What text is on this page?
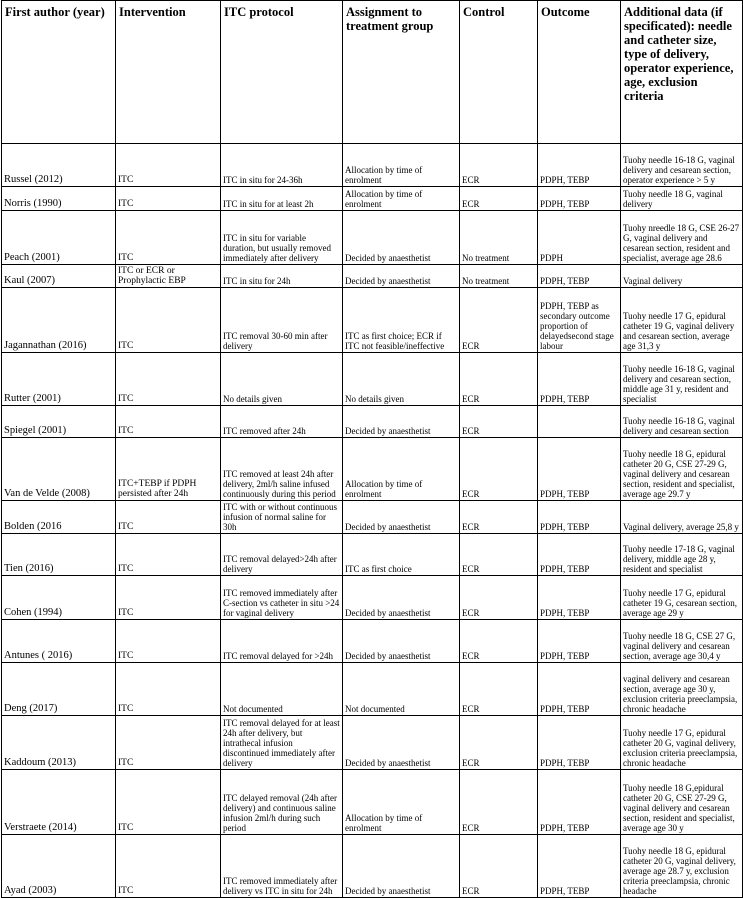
First author (year)	Intervention	ITC protocol	Assignment to treatment group	Control	Outcome	Additional data (if specificated): needle and catheter size, type of delivery, operator experience, age, exclusion criteria
Russel (2012)	ITC	ITC in situ for 24-36h	Allocation by time of enrolment	ECR	PDPH, TEBP	Tuohy needle 16-18 G, vaginal delivery and cesarean section, operator experience > 5 y
Norris (1990)	ITC	ITC in situ for at least 2h	Allocation by time of enrolment	ECR	PDPH, TEBP	Tuohy needle 18 G, vaginal delivery
Peach (2001)	ITC	ITC in situ for variable duration, but usually removed immediately after delivery	Decided by anaesthetist	No treatment	PDPH	Tuohy nreedle 18 G, CSE 26-27 G, vaginal delivery and cesarean section, resident and specialist, average age 28.6
Kaul (2007)	ITC or ECR or Prophylactic EBP	ITC in situ for 24h	Decided by anaesthetist	No treatment	PDPH, TEBP	Vaginal delivery
Jagannathan (2016)	ITC	ITC removal 30-60 min after delivery	ITC as first choice; ECR if ITC not feasible/ineffective	ECR	PDPH, TEBP as secondary outcome proportion of delayedsecond stage labour	Tuohy needle 17 G, epidural catheter 19 G, vaginal delivery and cesarean section, average age 31,3 y
Rutter (2001)	ITC	No details given	No details given	ECR	PDPH, TEBP	Tuohy needle 16-18 G, vaginal delivery and cesarean section, middle age 31 y, resident and specialist
Spiegel (2001)	ITC	ITC removed after 24h	Decided by anaesthetist	ECR		Tuohy needle 16-18 G, vaginal delivery and cesarean section
Van de Velde (2008)	ITC+TEBP if PDPH persisted after 24h	ITC removed at least 24h after delivery, 2ml/h saline infused continuously during this period	Allocation by time of enrolment	ECR	PDPH, TEBP	Tuohy needle 18 G, epidural catheter 20 G, CSE 27-29 G, vaginal delivery and cesarean section, resident and specialist, average age 29.7 y
Bolden (2016	ITC	ITC with or without continuous infusion of normal saline for 30h	Decided by anaesthetist	ECR	PDPH, TEBP	Vaginal delivery, average 25,8 y
Tien (2016)	ITC	ITC removal delayed>24h after delivery	ITC as first choice	ECR	PDPH, TEBP	Tuohy needle 17-18 G, vaginal delivery, middle age 28 y, resident and specialist
Cohen (1994)	ITC	ITC removed immediately after C-section vs catheter in situ >24 for vaginal delivery	Decided by anaesthetist	ECR	PDPH, TEBP	Tuohy needle 17 G, epidural catheter 19 G, cesarean section, average age 29 y
Antunes ( 2016)	ITC	ITC removal delayed for >24h	Decided by anaesthetist	ECR	PDPH, TEBP	Tuohy needle 18 G, CSE 27 G, vaginal delivery and cesarean section, average age 30,4 y
Deng (2017)	ITC	Not documented	Not documented	ECR	PDPH, TEBP	vaginal delivery and cesarean section, average age 30 y, exclusion criteria preeclampsia, chronic headache
Kaddoum (2013)	ITC	ITC removal delayed for at least 24h after delivery, but intrathecal infusion discontinued immediately after delivery	Decided by anaesthetist	ECR	PDPH, TEBP	Tuohy needle 17 G, epidural catheter 20 G, vaginal delivery, exclusion criteria preeclampsia, chronic headache
Verstraete (2014)	ITC	ITC delayed removal (24h after delivery) and continuous saline infusion 2ml/h during such period	Allocation by time of enrolment	ECR	PDPH, TEBP	Tuohy needle 18 G,epidural catheter 20 G, CSE 27-29 G, vaginal delivery and cesarean section, resident and specialist, average age 30 y
Ayad (2003)	ITC	ITC removed immediately after delivery vs ITC in situ for 24h	Decided by anaesthetist	ECR	PDPH, TEBP	Tuohy needle 18 G, epidural catheter 20 G, vaginal delivery, average age 28.7 y, exclusion criteria preeclampsia, chronic headache
